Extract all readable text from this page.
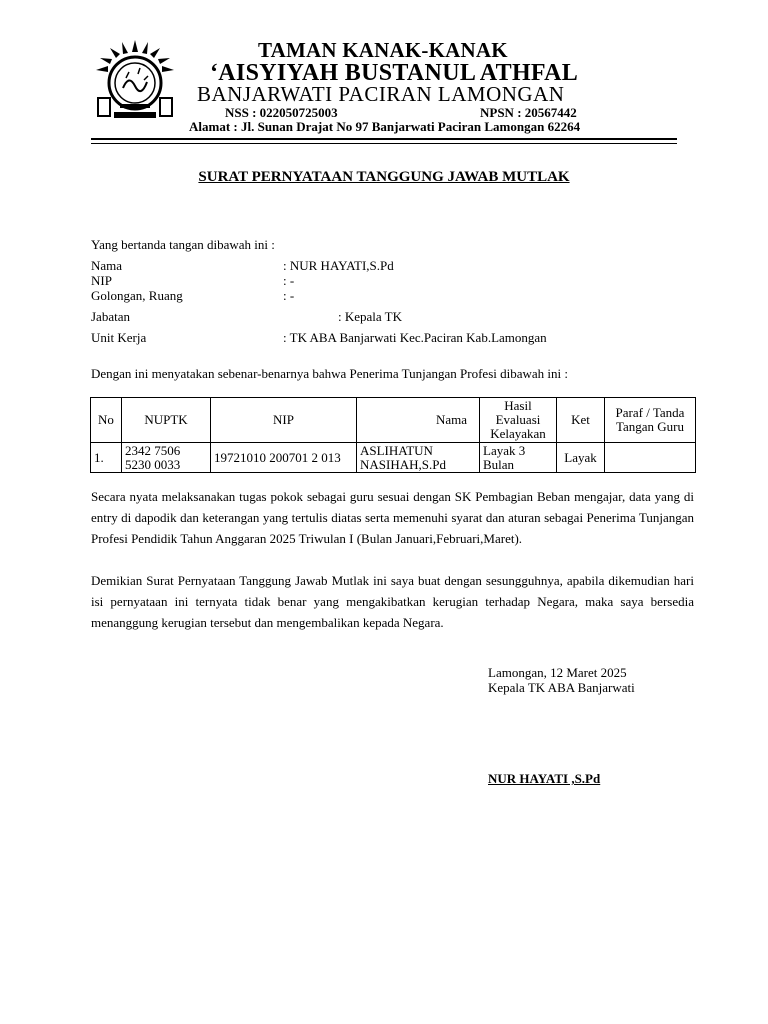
TAMAN KANAK-KANAK
‘AISYIYAH BUSTANUL ATHFAL
BANJARWATI PACIRAN LAMONGAN
NSS : 022050725003	NPSN : 20567442
Alamat : Jl. Sunan Drajat No 97 Banjarwati Paciran Lamongan 62264
SURAT PERNYATAAN TANGGUNG JAWAB MUTLAK
Yang bertanda tangan dibawah ini :
Nama	: NUR HAYATI,S.Pd
NIP	: -
Golongan, Ruang	: -
Jabatan	: Kepala TK
Unit Kerja	: TK ABA Banjarwati Kec.Paciran Kab.Lamongan
Dengan ini menyatakan sebenar-benarnya bahwa Penerima Tunjangan Profesi dibawah ini :
No	NUPTK	NIP	Nama	Hasil Evaluasi Kelayakan	Ket	Paraf / Tanda Tangan Guru
1.	2342 7506 5230 0033	19721010 200701 2 013	ASLIHATUN NASIHAH,S.Pd	Layak 3 Bulan	Layak	
Secara nyata melaksanakan tugas pokok sebagai guru sesuai dengan SK Pembagian Beban mengajar, data yang di entry di dapodik dan keterangan yang tertulis diatas serta memenuhi syarat dan aturan sebagai Penerima Tunjangan Profesi Pendidik Tahun Anggaran 2025 Triwulan I (Bulan Januari,Februari,Maret).
Demikian Surat Pernyataan Tanggung Jawab Mutlak ini saya buat dengan sesungguhnya, apabila dikemudian hari isi pernyataan ini ternyata tidak benar yang mengakibatkan kerugian terhadap Negara, maka saya bersedia menanggung kerugian tersebut dan mengembalikan kepada Negara.
Lamongan, 12 Maret 2025
Kepala TK ABA Banjarwati
NUR HAYATI ,S.Pd
